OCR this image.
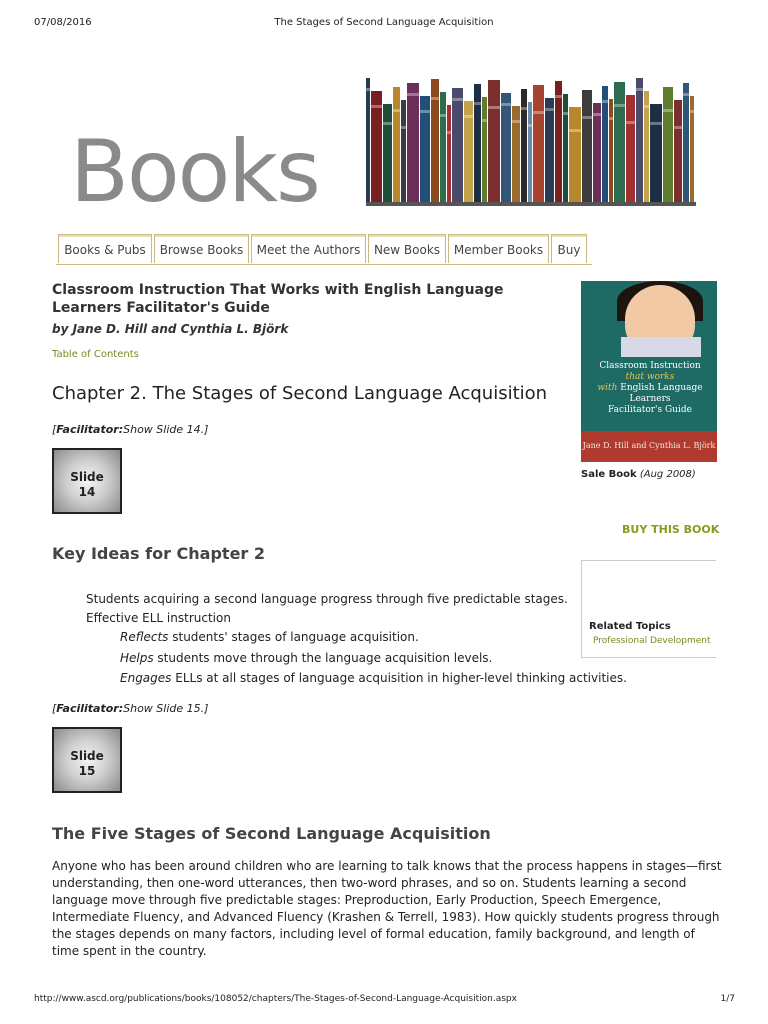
07/08/2016	The Stages of Second Language Acquisition
Books
Books & Pubs	Browse Books	Meet the Authors	New Books	Member Books	Buy
Classroom Instruction That Works with English Language Learners Facilitator's Guide
by Jane D. Hill and Cynthia L. Björk
Table of Contents
Chapter 2. The Stages of Second Language Acquisition
[Facilitator:Show Slide 14.]
Slide
14
Key Ideas for Chapter 2
Students acquiring a second language progress through five predictable stages.
Effective ELL instruction
Reflects students' stages of language acquisition.
Helps students move through the language acquisition levels.
Engages ELLs at all stages of language acquisition in higher-level thinking activities.
[Facilitator:Show Slide 15.]
Slide
15
The Five Stages of Second Language Acquisition
Anyone who has been around children who are learning to talk knows that the process happens in stages—first understanding, then one-word utterances, then two-word phrases, and so on. Students learning a second language move through five predictable stages: Preproduction, Early Production, Speech Emergence, Intermediate Fluency, and Advanced Fluency (Krashen & Terrell, 1983). How quickly students progress through the stages depends on many factors, including level of formal education, family background, and length of time spent in the country.
Classroom Instruction
that works
with English Language Learners
Facilitator's Guide
Jane D. Hill and Cynthia L. Björk
Sale Book (Aug 2008)
BUY THIS BOOK
Related Topics
Professional Development
http://www.ascd.org/publications/books/108052/chapters/The-Stages-of-Second-Language-Acquisition.aspx	1/7
